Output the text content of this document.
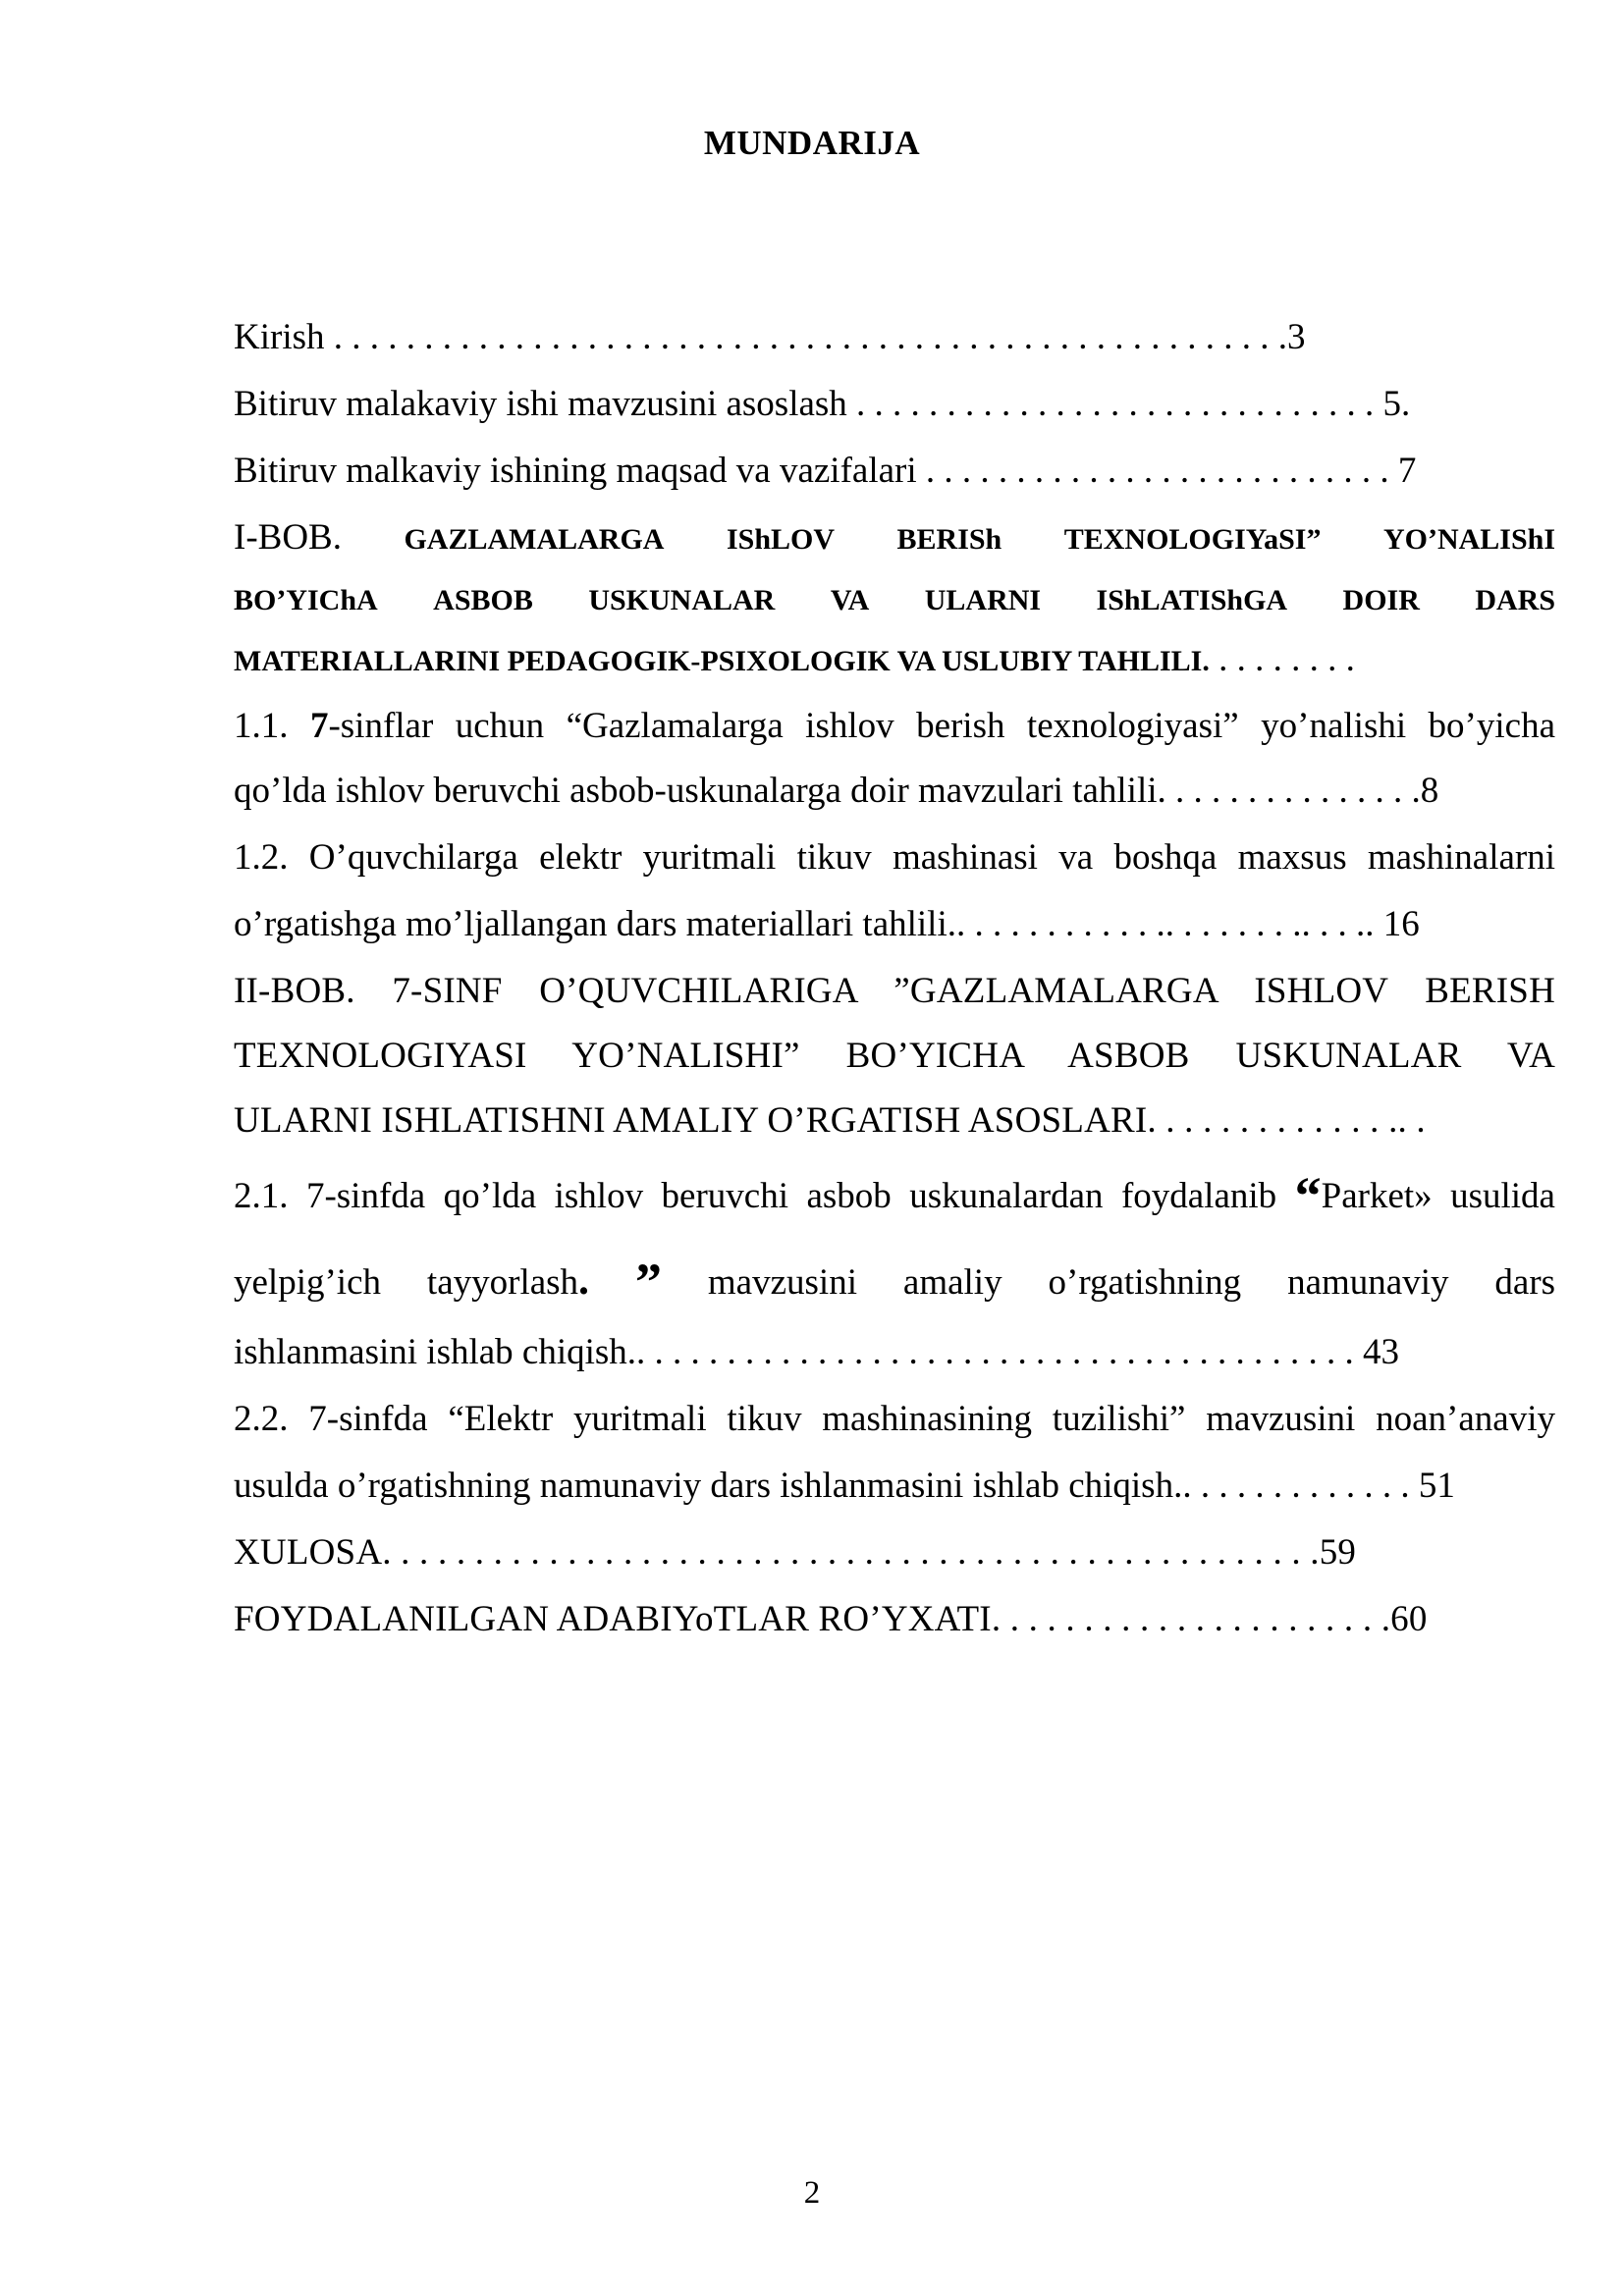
MUNDARIJA
Kirish . . . . . . . . . . . . . . . . . . . . . . . . . . . . . . . . . . . . . . . . . . . . . . . . . . . . .3
Bitiruv malakaviy ishi mavzusini asoslash . . . . . . . . . . . . . . . . . . . . . . . . . . . . . 5.
Bitiruv malkaviy ishining maqsad va vazifalari . . . . . . . . . . . . . . . . . . . . . . . . . . 7
I-BOB. GAZLAMALARGA IShLOV BERISh TEXNOLOGIYaSI” YO’NALIShI
BO’YIChA ASBOB USKUNALAR VA ULARNI IShLATIShGA DOIR DARS
MATERIALLARINI PEDAGOGIK-PSIXOLOGIK VA USLUBIY TAHLILI. . . . . . . . .
1.1. 7-sinflar uchun “Gazlamalarga ishlov berish texnologiyasi” yo’nalishi bo’yicha
qo’lda ishlov beruvchi asbob-uskunalarga doir mavzulari tahlili. . . . . . . . . . . . . . .8
1.2. O’quvchilarga elektr yuritmali tikuv mashinasi va boshqa maxsus mashinalarni
o’rgatishga mo’ljallangan dars materiallari tahlili.. . . . . . . . . . . .. . . . . . . .. . . .. 16
II-BOB. 7-SINF O’QUVCHILARIGA ”GAZLAMALARGA ISHLOV BERISH
TEXNOLOGIYASI YO’NALISHI” BO’YICHA ASBOB USKUNALAR VA
ULARNI ISHLATISHNI AMALIY O’RGATISH ASOSLARI. . . . . . . . . . . . . .. .
2.1. 7-sinfda qo’lda ishlov beruvchi asbob uskunalardan foydalanib “Parket» usulida
yelpig’ich tayyorlash. ” mavzusini amaliy o’rgatishning namunaviy dars
ishlanmasini ishlab chiqish.. . . . . . . . . . . . . . . . . . . . . . . . . . . . . . . . . . . . . . . . 43
2.2. 7-sinfda “Elektr yuritmali tikuv mashinasining tuzilishi” mavzusini noan’anaviy
usulda o’rgatishning namunaviy dars ishlanmasini ishlab chiqish.. . . . . . . . . . . . . 51
XULOSA. . . . . . . . . . . . . . . . . . . . . . . . . . . . . . . . . . . . . . . . . . . . . . . . . . .59
FOYDALANILGAN ADABIYoTLAR RO’YXATI. . . . . . . . . . . . . . . . . . . . . .60
2
